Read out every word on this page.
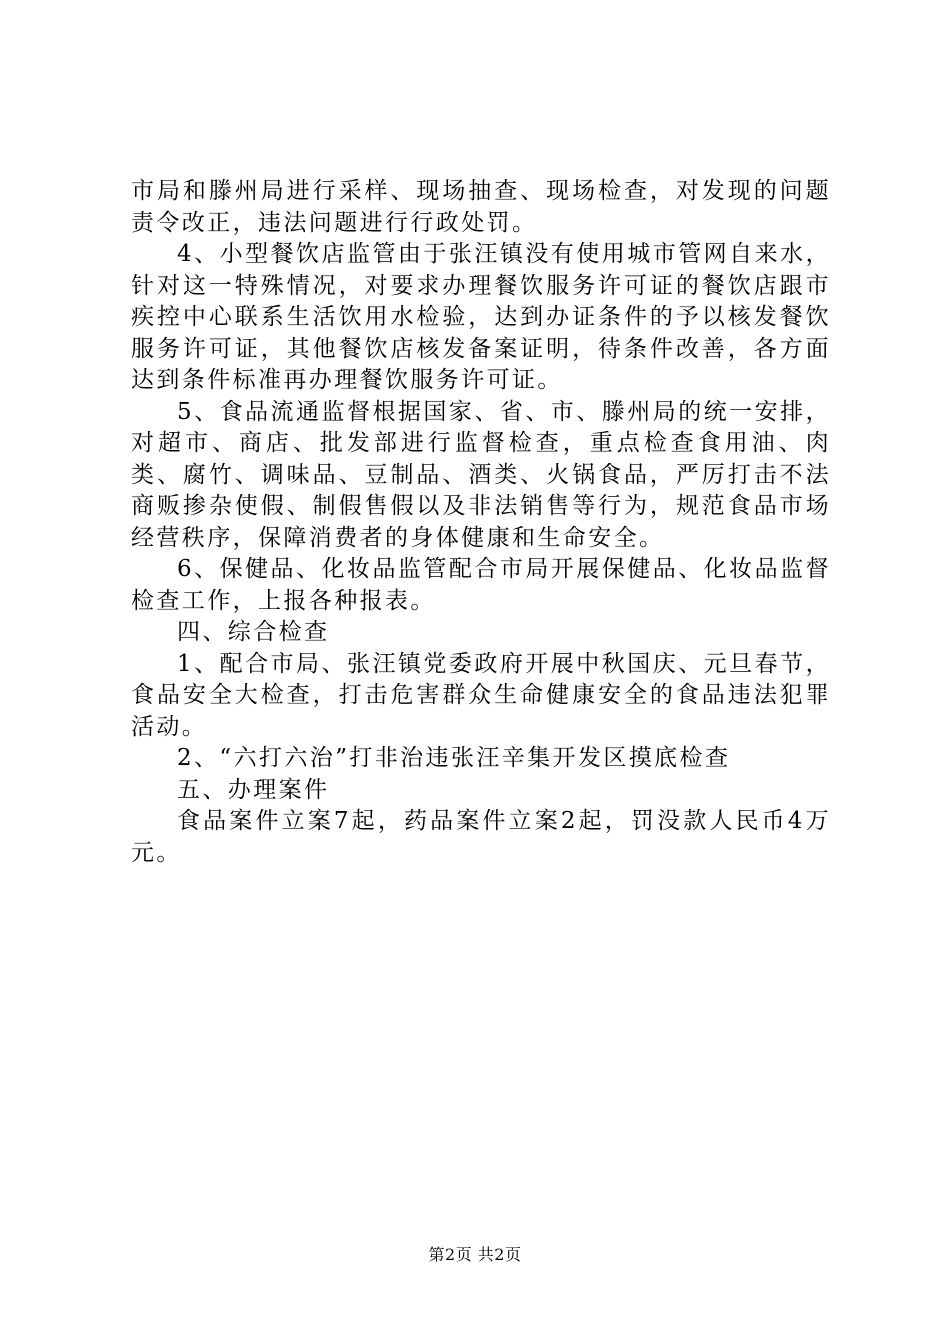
市局和滕州局进行采样、现场抽查、现场检查，对发现的问题责令改正，违法问题进行行政处罚。

4、小型餐饮店监管由于张汪镇没有使用城市管网自来水，针对这一特殊情况，对要求办理餐饮服务许可证的餐饮店跟市疾控中心联系生活饮用水检验，达到办证条件的予以核发餐饮服务许可证，其他餐饮店核发备案证明，待条件改善，各方面达到条件标准再办理餐饮服务许可证。

5、食品流通监督根据国家、省、市、滕州局的统一安排，对超市、商店、批发部进行监督检查，重点检查食用油、肉类、腐竹、调味品、豆制品、酒类、火锅食品，严厉打击不法商贩掺杂使假、制假售假以及非法销售等行为，规范食品市场经营秩序，保障消费者的身体健康和生命安全。

6、保健品、化妆品监管配合市局开展保健品、化妆品监督检查工作，上报各种报表。

四、综合检查

1、配合市局、张汪镇党委政府开展中秋国庆、元旦春节，食品安全大检查，打击危害群众生命健康安全的食品违法犯罪活动。

2、“六打六治”打非治违张汪辛集开发区摸底检查

五、办理案件

食品案件立案7起，药品案件立案2起，罚没款人民币4万元。

第2页 共2页
